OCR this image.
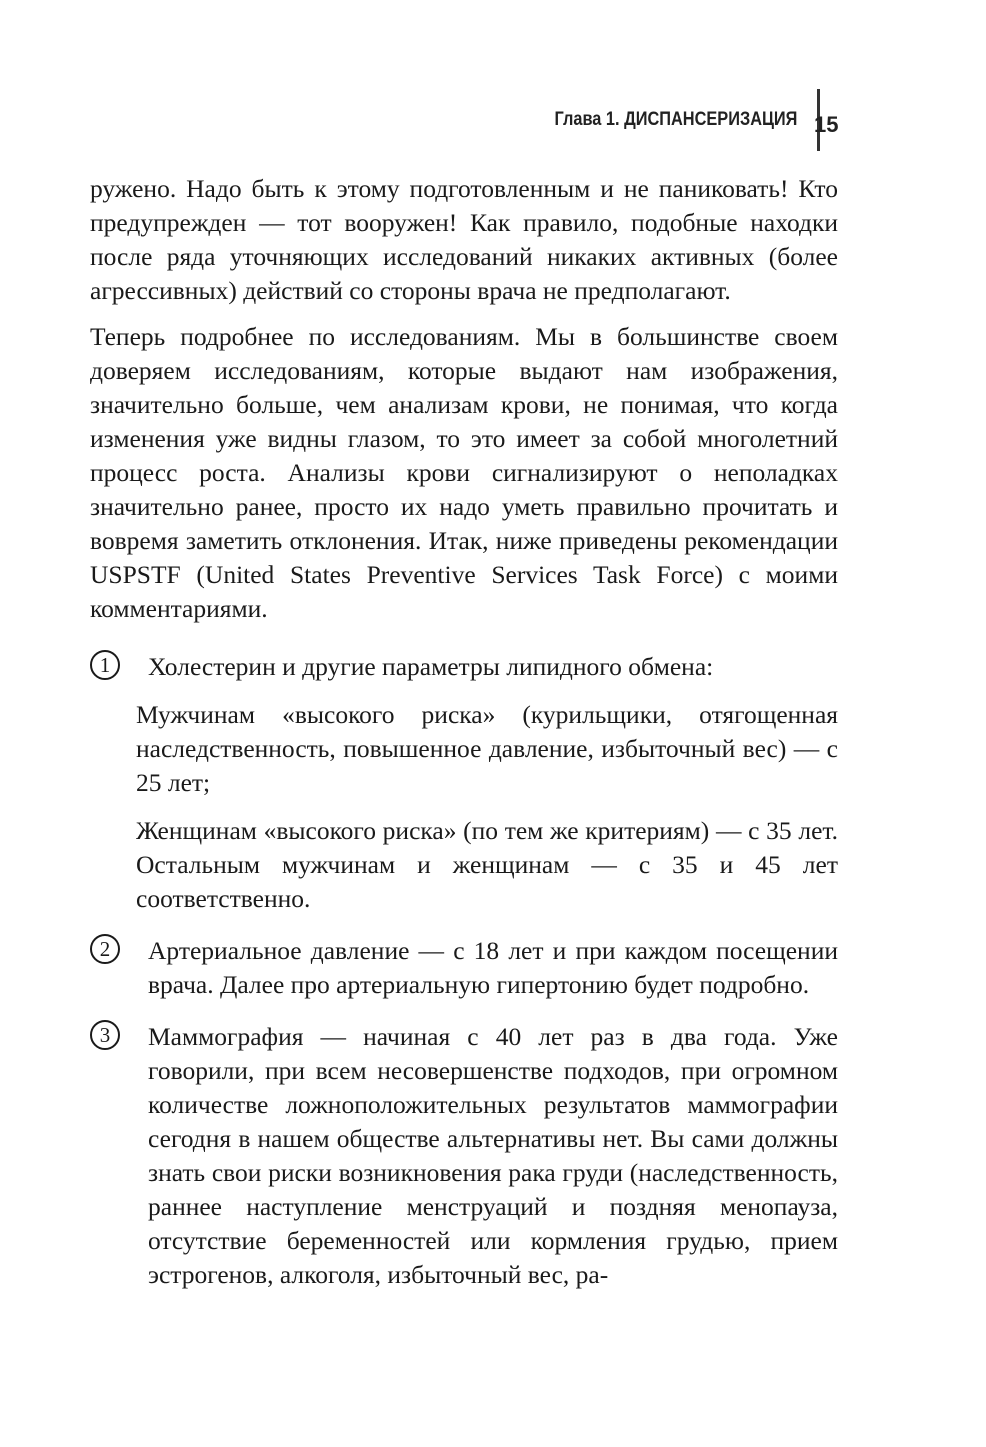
Глава 1. ДИСПАНСЕРИЗАЦИЯ 15

ружено. Надо быть к этому подготовленным и не паниковать! Кто предупрежден — тот вооружен! Как правило, подобные находки после ряда уточняющих исследований никаких активных (более агрессивных) действий со стороны врача не предполагают.

Теперь подробнее по исследованиям. Мы в большинстве своем доверяем исследованиям, которые выдают нам изображения, значительно больше, чем анализам крови, не понимая, что когда изменения уже видны глазом, то это имеет за собой многолетний процесс роста. Анализы крови сигнализируют о неполадках значительно ранее, просто их надо уметь правильно прочитать и вовремя заметить отклонения. Итак, ниже приведены рекомендации USPSTF (United States Preventive Services Task Force) с моими комментариями.

1	Холестерин и другие параметры липидного обмена:

Мужчинам «высокого риска» (курильщики, отягощенная наследственность, повышенное давление, избыточный вес) — с 25 лет;

Женщинам «высокого риска» (по тем же критериям) — с 35 лет. Остальным мужчинам и женщинам — с 35 и 45 лет соответственно.

2	Артериальное давление — с 18 лет и при каждом посещении врача. Далее про артериальную гипертонию будет подробно.

3	Маммография — начиная с 40 лет раз в два года. Уже говорили, при всем несовершенстве подходов, при огромном количестве ложноположительных результатов маммографии сегодня в нашем обществе альтернативы нет. Вы сами должны знать свои риски возникновения рака груди (наследственность, раннее наступление менструаций и поздняя менопауза, отсутствие беременностей или кормления грудью, прием эстрогенов, алкоголя, избыточный вес, ра-
